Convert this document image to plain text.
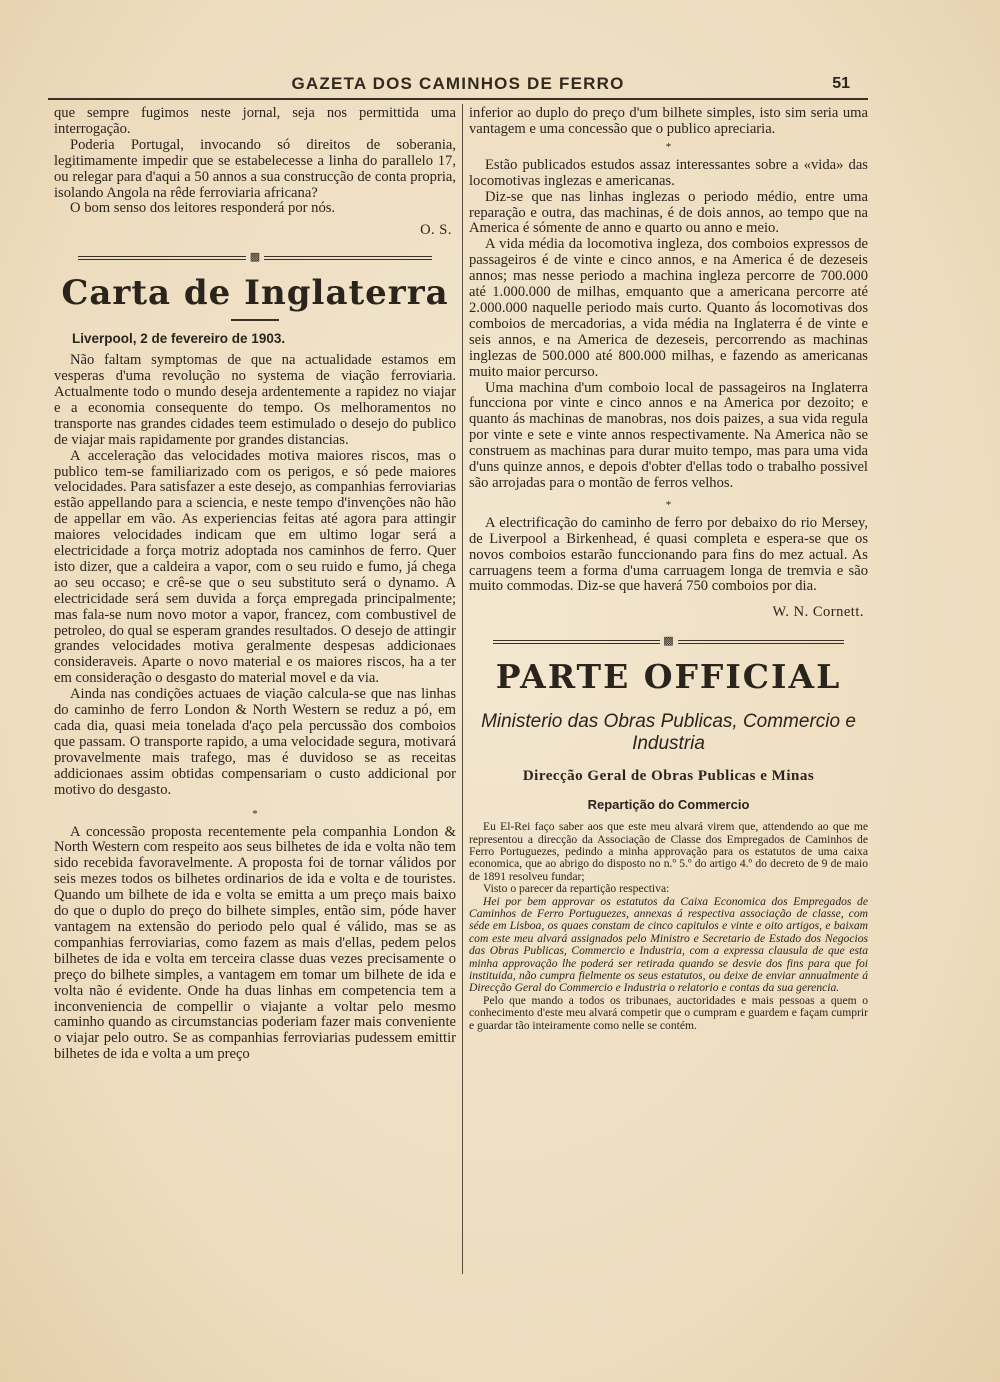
GAZETA DOS CAMINHOS DE FERRO	51

que sempre fugimos neste jornal, seja nos permittida uma interrogação.

Poderia Portugal, invocando só direitos de soberania, legitimamente impedir que se estabelecesse a linha do parallelo 17, ou relegar para d'aqui a 50 annos a sua construcção de conta propria, isolando Angola na rêde ferroviaria africana?

O bom senso dos leitores responderá por nós.

O. S.
▩
Carta de Inglaterra
Liverpool, 2 de fevereiro de 1903.

Não faltam symptomas de que na actualidade estamos em vesperas d'uma revolução no systema de viação ferroviaria. Actualmente todo o mundo deseja ardentemente a rapidez no viajar e a economia consequente do tempo. Os melhoramentos no transporte nas grandes cidades teem estimulado o desejo do publico de viajar mais rapidamente por grandes distancias.

A acceleração das velocidades motiva maiores riscos, mas o publico tem-se familiarizado com os perigos, e só pede maiores velocidades. Para satisfazer a este desejo, as companhias ferroviarias estão appellando para a sciencia, e neste tempo d'invenções não hão de appellar em vão. As experiencias feitas até agora para attingir maiores velocidades indicam que em ultimo logar será a electricidade a força motriz adoptada nos caminhos de ferro. Quer isto dizer, que a caldeira a vapor, com o seu ruido e fumo, já chega ao seu occaso; e crê-se que o seu substituto será o dynamo. A electricidade será sem duvida a força empregada principalmente; mas fala-se num novo motor a vapor, francez, com combustivel de petroleo, do qual se esperam grandes resultados. O desejo de attingir grandes velocidades motiva geralmente despesas addicionaes consideraveis. Aparte o novo material e os maiores riscos, ha a ter em consideração o desgasto do material movel e da via.

Ainda nas condições actuaes de viação calcula-se que nas linhas do caminho de ferro London & North Western se reduz a pó, em cada dia, quasi meia tonelada d'aço pela percussão dos comboios que passam. O transporte rapido, a uma velocidade segura, motivará provavelmente mais trafego, mas é duvidoso se as receitas addicionaes assim obtidas compensariam o custo addicional por motivo do desgasto.

*

A concessão proposta recentemente pela companhia London & North Western com respeito aos seus bilhetes de ida e volta não tem sido recebida favoravelmente. A proposta foi de tornar válidos por seis mezes todos os bilhetes ordinarios de ida e volta e de touristes. Quando um bilhete de ida e volta se emitta a um preço mais baixo do que o duplo do preço do bilhete simples, então sim, póde haver vantagem na extensão do periodo pelo qual é válido, mas se as companhias ferroviarias, como fazem as mais d'ellas, pedem pelos bilhetes de ida e volta em terceira classe duas vezes precisamente o preço do bilhete simples, a vantagem em tomar um bilhete de ida e volta não é evidente. Onde ha duas linhas em competencia tem a inconveniencia de compellir o viajante a voltar pelo mesmo caminho quando as circumstancias poderiam fazer mais conveniente o viajar pelo outro. Se as companhias ferroviarias pudessem emittir bilhetes de ida e volta a um preço

inferior ao duplo do preço d'um bilhete simples, isto sim seria uma vantagem e uma concessão que o publico apreciaria.

*

Estão publicados estudos assaz interessantes sobre a «vida» das locomotivas inglezas e americanas.

Diz-se que nas linhas inglezas o periodo médio, entre uma reparação e outra, das machinas, é de dois annos, ao tempo que na America é sómente de anno e quarto ou anno e meio.

A vida média da locomotiva ingleza, dos comboios expressos de passageiros é de vinte e cinco annos, e na America é de dezeseis annos; mas nesse periodo a machina ingleza percorre de 700.000 até 1.000.000 de milhas, emquanto que a americana percorre até 2.000.000 naquelle periodo mais curto. Quanto ás locomotivas dos comboios de mercadorias, a vida média na Inglaterra é de vinte e seis annos, e na America de dezeseis, percorrendo as machinas inglezas de 500.000 até 800.000 milhas, e fazendo as americanas muito maior percurso.

Uma machina d'um comboio local de passageiros na Inglaterra funcciona por vinte e cinco annos e na America por dezoito; e quanto ás machinas de manobras, nos dois paizes, a sua vida regula por vinte e sete e vinte annos respectivamente. Na America não se construem as machinas para durar muito tempo, mas para uma vida d'uns quinze annos, e depois d'obter d'ellas todo o trabalho possivel são arrojadas para o montão de ferros velhos.

*

A electrificação do caminho de ferro por debaixo do rio Mersey, de Liverpool a Birkenhead, é quasi completa e espera-se que os novos comboios estarão funccionando para fins do mez actual. As carruagens teem a forma d'uma carruagem longa de tremvia e são muito commodas. Diz-se que haverá 750 comboios por dia.

W. N. Cornett.
▩
PARTE OFFICIAL
Ministerio das Obras Publicas, Commercio e Industria
Direcção Geral de Obras Publicas e Minas
Repartição do Commercio

Eu El-Rei faço saber aos que este meu alvará virem que, attendendo ao que me representou a direcção da Associação de Classe dos Empregados de Caminhos de Ferro Portuguezes, pedindo a minha approvação para os estatutos de uma caixa economica, que ao abrigo do disposto no n.º 5.º do artigo 4.º do decreto de 9 de maio de 1891 resolveu fundar;

Visto o parecer da repartição respectiva:

Hei por bem approvar os estatutos da Caixa Economica dos Empregados de Caminhos de Ferro Portuguezes, annexas á respectiva associação de classe, com séde em Lisboa, os quaes constam de cinco capitulos e vinte e oito artigos, e baixam com este meu alvará assignados pelo Ministro e Secretario de Estado dos Negocios das Obras Publicas, Commercio e Industria, com a expressa clausula de que esta minha approvação lhe poderá ser retirada quando se desvie dos fins para que foi instituida, não cumpra fielmente os seus estatutos, ou deixe de enviar annualmente á Direcção Geral do Commercio e Industria o relatorio e contas da sua gerencia.

Pelo que mando a todos os tribunaes, auctoridades e mais pessoas a quem o conhecimento d'este meu alvará competir que o cumpram e guardem e façam cumprir e guardar tão inteiramente como nelle se contém.
